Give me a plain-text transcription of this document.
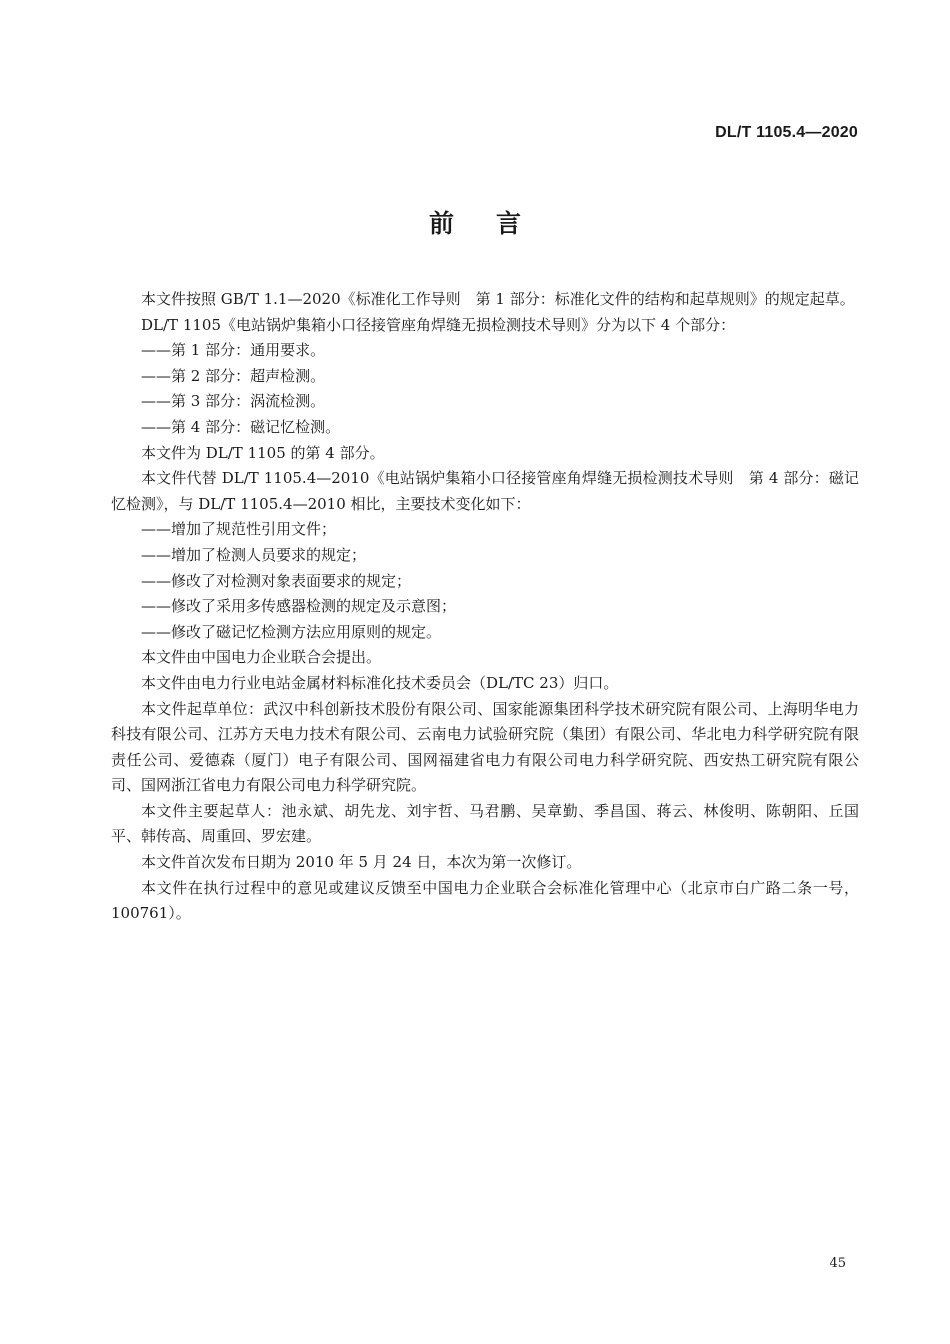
DL/T 1105.4—2020
前言

本文件按照 GB/T 1.1—2020《标准化工作导则　第 1 部分：标准化文件的结构和起草规则》的规定起草。

DL/T 1105《电站锅炉集箱小口径接管座角焊缝无损检测技术导则》分为以下 4 个部分：

——第 1 部分：通用要求。

——第 2 部分：超声检测。

——第 3 部分：涡流检测。

——第 4 部分：磁记忆检测。

本文件为 DL/T 1105 的第 4 部分。

本文件代替 DL/T 1105.4—2010《电站锅炉集箱小口径接管座角焊缝无损检测技术导则　第 4 部分：磁记忆检测》，与 DL/T 1105.4—2010 相比，主要技术变化如下：

——增加了规范性引用文件；

——增加了检测人员要求的规定；

——修改了对检测对象表面要求的规定；

——修改了采用多传感器检测的规定及示意图；

——修改了磁记忆检测方法应用原则的规定。

本文件由中国电力企业联合会提出。

本文件由电力行业电站金属材料标准化技术委员会（DL/TC 23）归口。

本文件起草单位：武汉中科创新技术股份有限公司、国家能源集团科学技术研究院有限公司、上海明华电力科技有限公司、江苏方天电力技术有限公司、云南电力试验研究院（集团）有限公司、华北电力科学研究院有限责任公司、爱德森（厦门）电子有限公司、国网福建省电力有限公司电力科学研究院、西安热工研究院有限公司、国网浙江省电力有限公司电力科学研究院。

本文件主要起草人：池永斌、胡先龙、刘宇哲、马君鹏、吴章勤、季昌国、蒋云、林俊明、陈朝阳、丘国平、韩传高、周重回、罗宏建。

本文件首次发布日期为 2010 年 5 月 24 日，本次为第一次修订。

本文件在执行过程中的意见或建议反馈至中国电力企业联合会标准化管理中心（北京市白广路二条一号，100761）。

45
